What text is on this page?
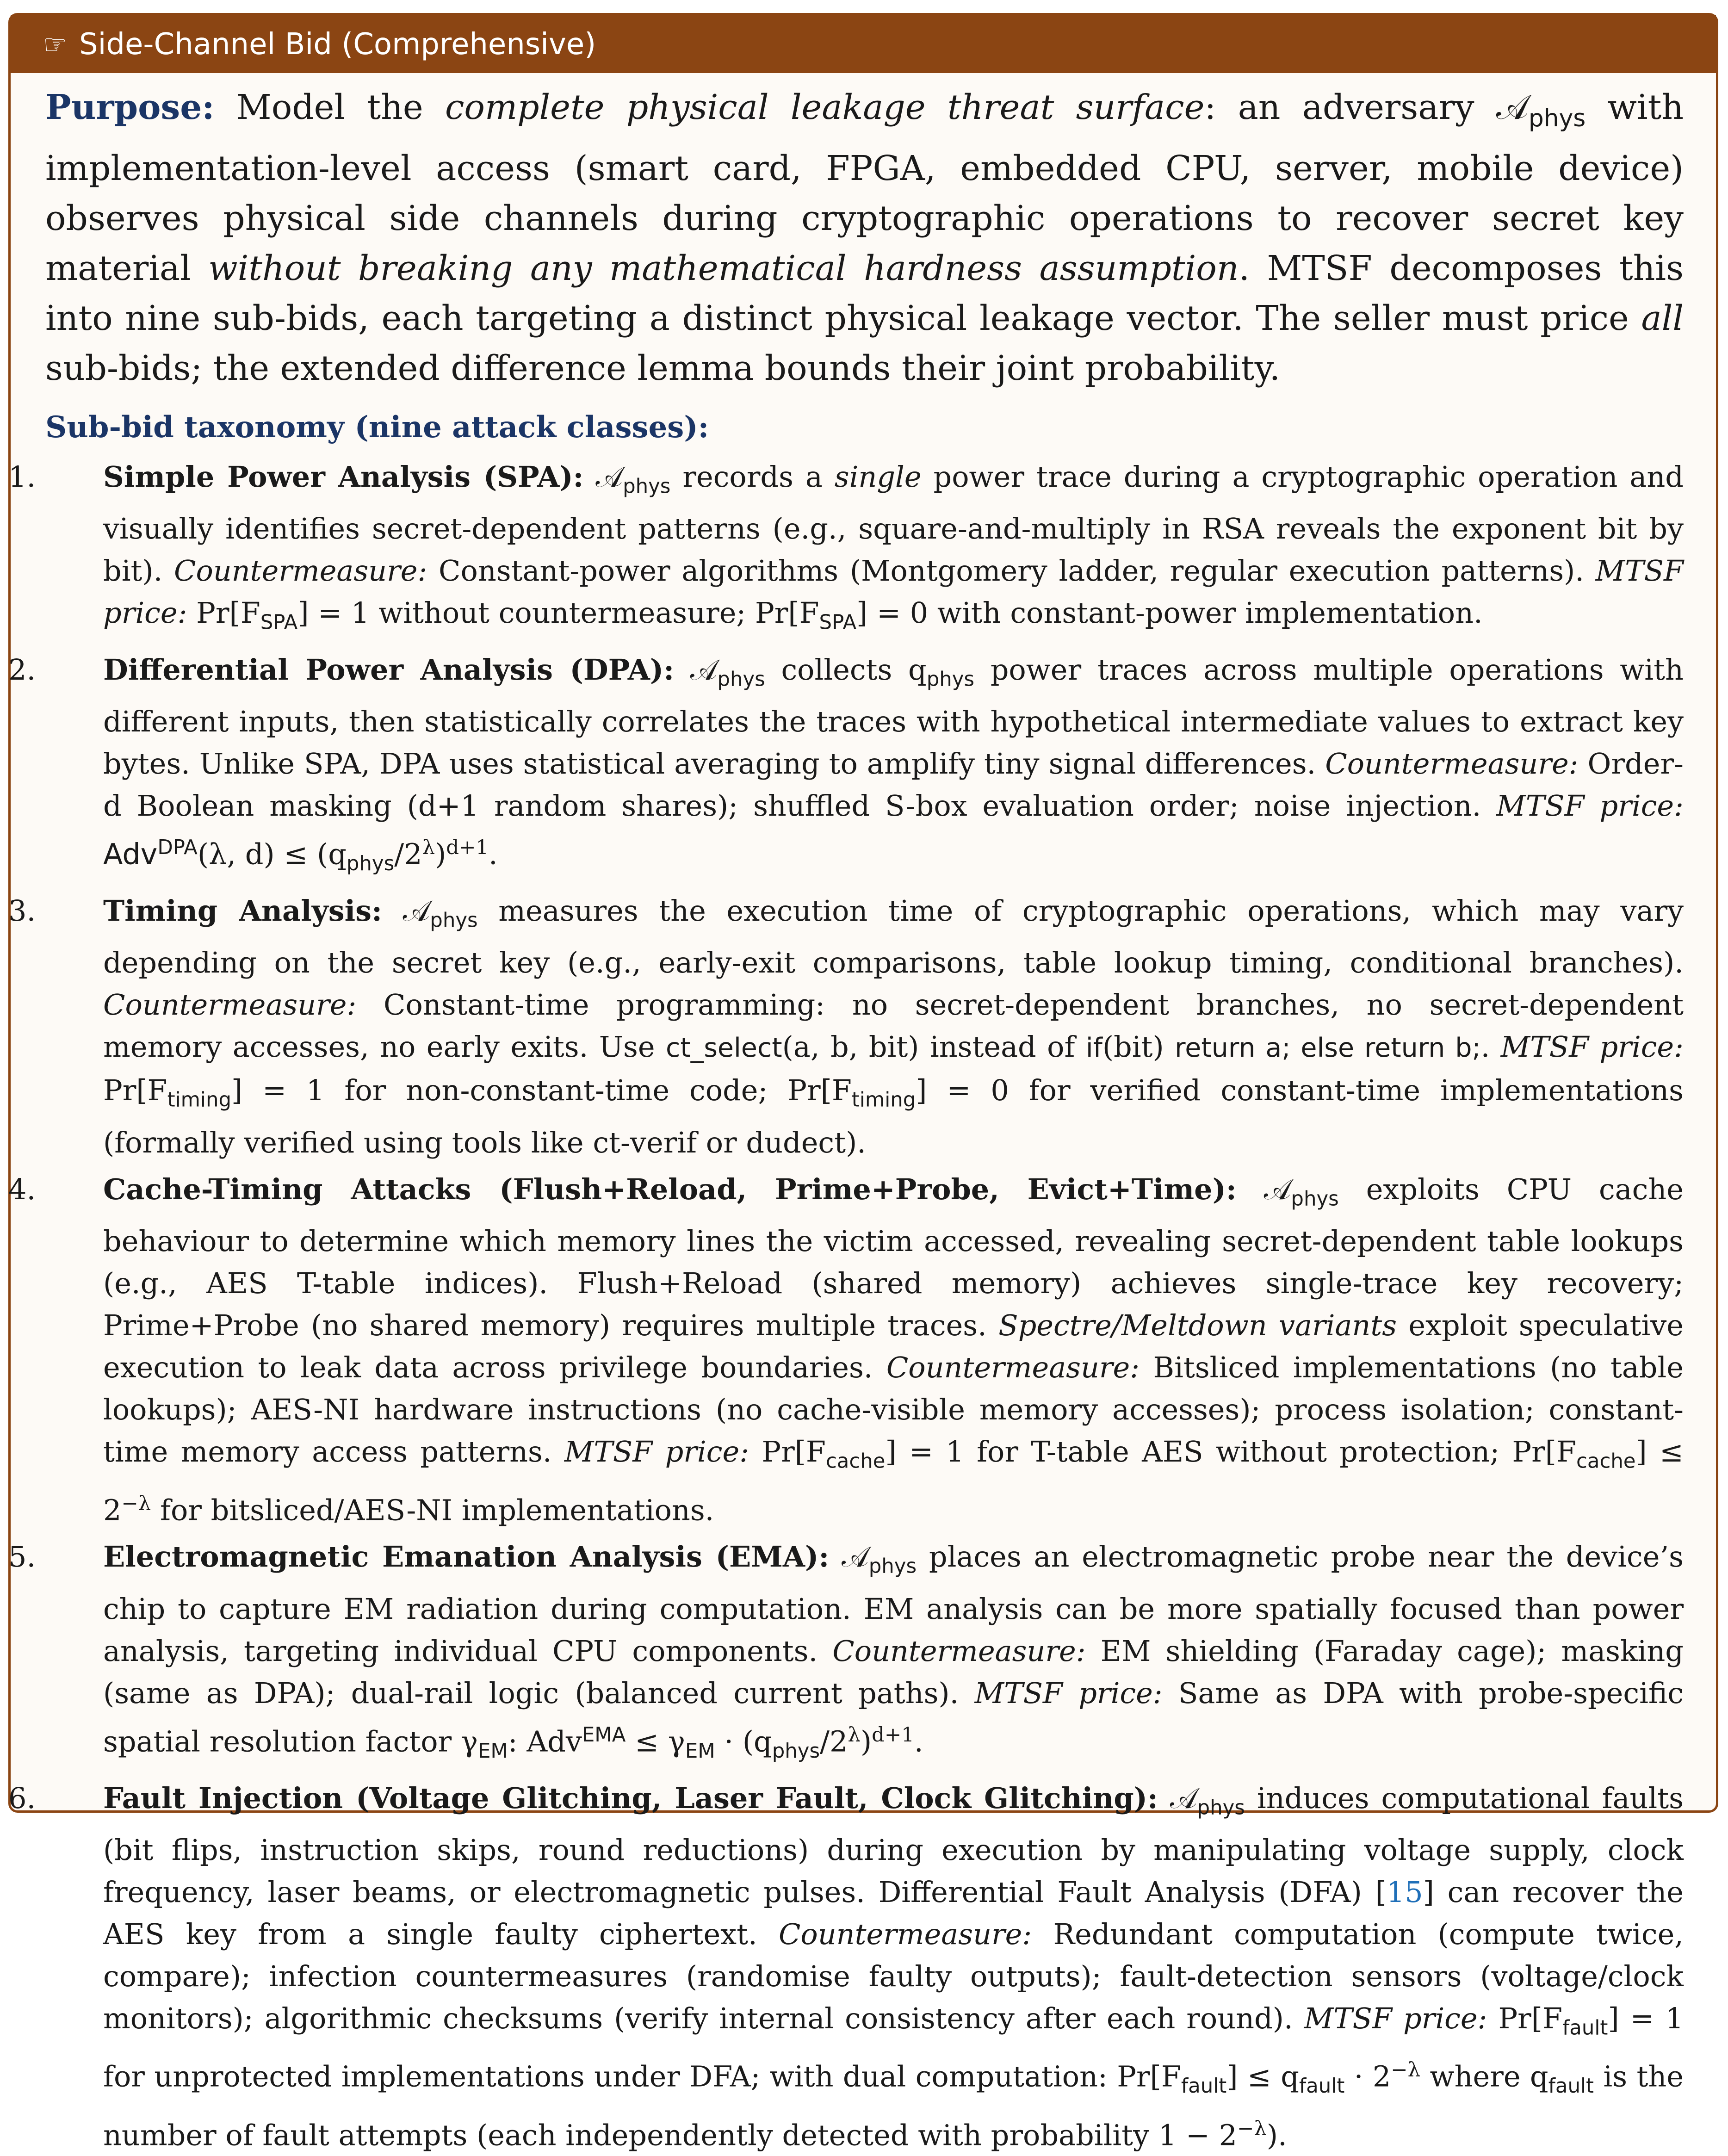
☞ Side-Channel Bid (Comprehensive)

Purpose: Model the complete physical leakage threat surface: an adversary 𝒜$_{phys}$ with implementation-level access (smart card, FPGA, embedded CPU, server, mobile device) observes physical side channels during cryptographic operations to recover secret key material without breaking any mathematical hardness assumption. MTSF decomposes this into nine sub-bids, each targeting a distinct physical leakage vector. The seller must price all sub-bids; the extended difference lemma bounds their joint probability.

Sub-bid taxonomy (nine attack classes):
1. Simple Power Analysis (SPA): 𝒜$_{phys}$ records a single power trace during a cryptographic operation and visually identifies secret-dependent patterns (e.g., square-and-multiply in RSA reveals the exponent bit by bit). Countermeasure: Constant-power algorithms (Montgomery ladder, regular execution patterns). MTSF price: $Pr[F_{SPA}] = 1$ without countermeasure; $Pr[F_{SPA}] = 0$ with constant-power implementation.
2. Differential Power Analysis (DPA): 𝒜$_{phys}$ collects $q_{phys}$ power traces across multiple operations with different inputs, then statistically correlates the traces with hypothetical intermediate values to extract key bytes. Unlike SPA, DPA uses statistical averaging to amplify tiny signal differences. Countermeasure: Order-d Boolean masking (d+1 random shares); shuffled S-box evaluation order; noise injection. MTSF price: Adv$^{DPA}$(λ, $d) \le (q_{phys}/2^\lambda)^{d+1}$.
3. Timing Analysis: 𝒜$_{phys}$ measures the execution time of cryptographic operations, which may vary depending on the secret key (e.g., early-exit comparisons, table lookup timing, conditional branches). Countermeasure: Constant-time programming: no secret-dependent branches, no secret-dependent memory accesses, no early exits. Use ct_select(a, b, bit) instead of if(bit) return a; else return b;. MTSF price: $Pr[F_{timing}] = 1$ for non-constant-time code; $Pr[F_{timing}] = 0$ for verified constant-time implementations (formally verified using tools like ct-verif or dudect).
4. Cache-Timing Attacks (Flush+Reload, Prime+Probe, Evict+Time): 𝒜$_{phys}$ exploits CPU cache behaviour to determine which memory lines the victim accessed, revealing secret-dependent table lookups (e.g., AES T-table indices). Flush+Reload (shared memory) achieves single-trace key recovery; Prime+Probe (no shared memory) requires multiple traces. Spectre/Meltdown variants exploit speculative execution to leak data across privilege boundaries. Countermeasure: Bitsliced implementations (no table lookups); AES-NI hardware instructions (no cache-visible memory accesses); process isolation; constant-time memory access patterns. MTSF price: $Pr[F_{cache}] = 1$ for T-table AES without protection; $Pr[F_{cache}] \le 2^{-\lambda}$ for bitsliced/AES-NI implementations.
5. Electromagnetic Emanation Analysis (EMA): 𝒜$_{phys}$ places an electromagnetic probe near the device’s chip to capture EM radiation during computation. EM analysis can be more spatially focused than power analysis, targeting individual CPU components. Countermeasure: EM shielding (Faraday cage); masking (same as DPA); dual-rail logic (balanced current paths). MTSF price: Same as DPA with probe-specific spatial resolution factor $\gamma_{EM}$: $Adv^{EMA} \le \gamma_{EM} \cdot (q_{phys}/2^\lambda)^{d+1}$.
6. Fault Injection (Voltage Glitching, Laser Fault, Clock Glitching): 𝒜$_{phys}$ induces computational faults (bit flips, instruction skips, round reductions) during execution by manipulating voltage supply, clock frequency, laser beams, or electromagnetic pulses. Differential Fault Analysis (DFA) [15] can recover the AES key from a single faulty ciphertext. Countermeasure: Redundant computation (compute twice, compare); infection countermeasures (randomise faulty outputs); fault-detection sensors (voltage/clock monitors); algorithmic checksums (verify internal consistency after each round). MTSF price: $Pr[F_{fault}] = 1$ for unprotected implementations under DFA; with dual computation: $Pr[F_{fault}] \le q_{fault} \cdot 2^{-\lambda}$ where $q_{fault}$ is the number of fault attempts (each independently detected with probability $1 - 2^{-\lambda}$).
